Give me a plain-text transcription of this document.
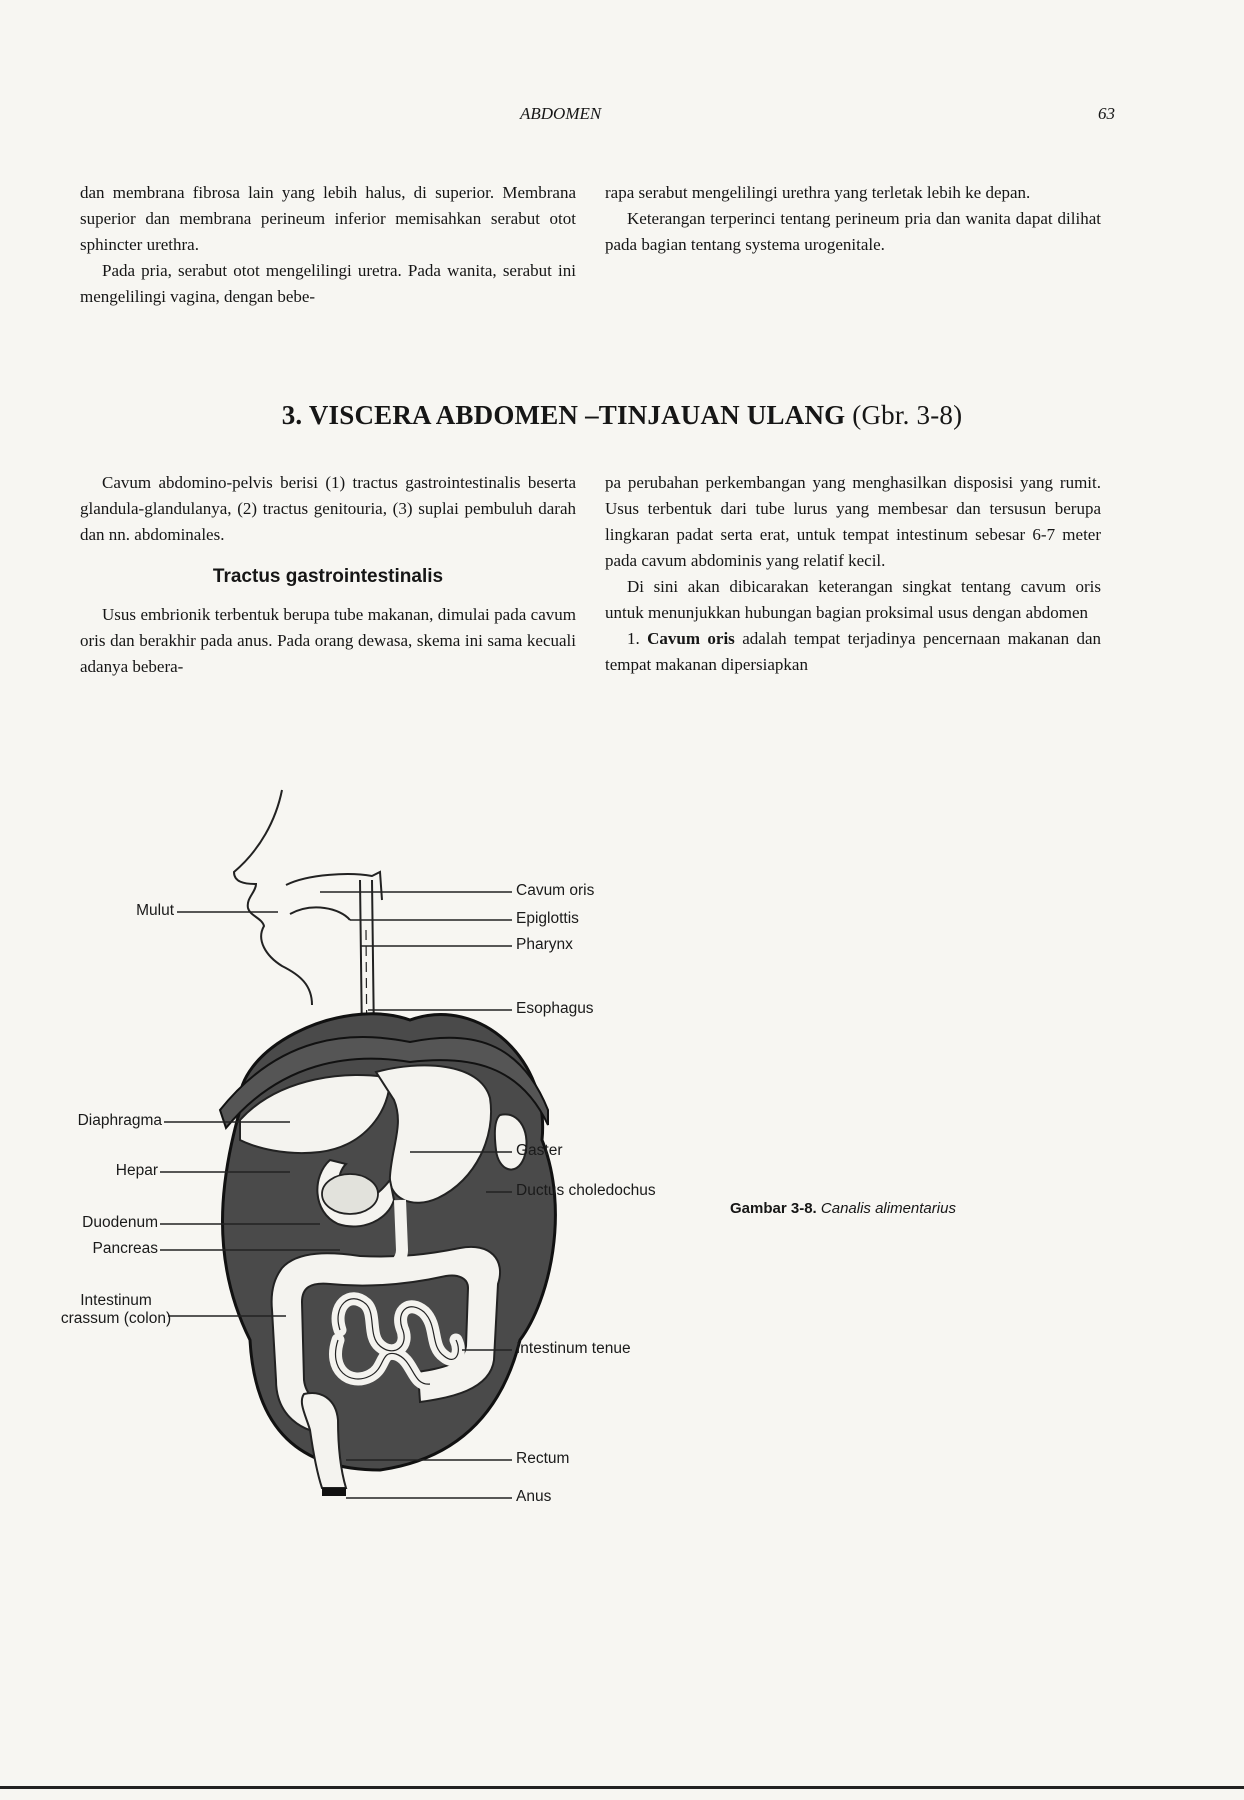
ABDOMEN	63

dan membrana fibrosa lain yang lebih halus, di superior. Membrana superior dan membrana perineum inferior memisahkan serabut otot sphincter urethra.

Pada pria, serabut otot mengelilingi uretra. Pada wanita, serabut ini mengelilingi vagina, dengan bebe-

rapa serabut mengelilingi urethra yang terletak lebih ke depan.

Keterangan terperinci tentang perineum pria dan wanita dapat dilihat pada bagian tentang systema urogenitale.

3. VISCERA ABDOMEN –TINJAUAN ULANG (Gbr. 3-8)

Cavum abdomino-pelvis berisi (1) tractus gastrointestinalis beserta glandula-glandulanya, (2) tractus genitouria, (3) suplai pembuluh darah dan nn. abdominales.

Tractus gastrointestinalis

Usus embrionik terbentuk berupa tube makanan, dimulai pada cavum oris dan berakhir pada anus. Pada orang dewasa, skema ini sama kecuali adanya bebera-

pa perubahan perkembangan yang menghasilkan disposisi yang rumit. Usus terbentuk dari tube lurus yang membesar dan tersusun berupa lingkaran padat serta erat, untuk tempat intestinum sebesar 6-7 meter pada cavum abdominis yang relatif kecil.

Di sini akan dibicarakan keterangan singkat tentang cavum oris untuk menunjukkan hubungan bagian proksimal usus dengan abdomen

1. Cavum oris adalah tempat terjadinya pencernaan makanan dan tempat makanan dipersiapkan

Mulut
Diaphragma
Hepar
Duodenum
Pancreas
Intestinum
crassum (colon)
Cavum oris
Epiglottis
Pharynx
Esophagus
Gaster
Ductus choledochus
Intestinum tenue
Rectum
Anus
Gambar 3-8. Canalis alimentarius
